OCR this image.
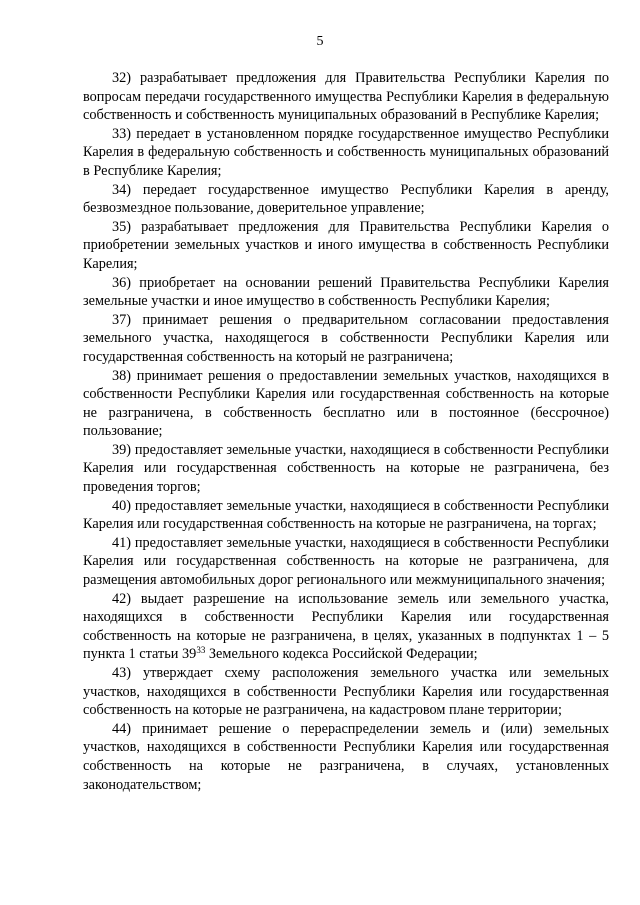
5

32) разрабатывает предложения для Правительства Республики Карелия по вопросам передачи государственного имущества Республики Карелия в федеральную собственность и собственность муниципальных образований в Республике Карелия;

33) передает в установленном порядке государственное имущество Республики Карелия в федеральную собственность и собственность муниципальных образований в Республике Карелия;

34) передает государственное имущество Республики Карелия в аренду, безвозмездное пользование, доверительное управление;

35) разрабатывает предложения для Правительства Республики Карелия о приобретении земельных участков и иного имущества в собственность Республики Карелия;

36) приобретает на основании решений Правительства Республики Карелия земельные участки и иное имущество в собственность Республики Карелия;

37) принимает решения о предварительном согласовании предоставления земельного участка, находящегося в собственности Республики Карелия или государственная собственность на который не разграничена;

38) принимает решения о предоставлении земельных участков, находящихся в собственности Республики Карелия или государственная собственность на которые не разграничена, в собственность бесплатно или в постоянное (бессрочное) пользование;

39) предоставляет земельные участки, находящиеся в собственности Республики Карелия или государственная собственность на которые не разграничена, без проведения торгов;

40) предоставляет земельные участки, находящиеся в собственности Республики Карелия или государственная собственность на которые не разграничена, на торгах;

41) предоставляет земельные участки, находящиеся в собственности Республики Карелия или государственная собственность на которые не разграничена, для размещения автомобильных дорог регионального или межмуниципального значения;

42) выдает разрешение на использование земель или земельного участка, находящихся в собственности Республики Карелия или государственная собственность на которые не разграничена, в целях, указанных в подпунктах 1 – 5 пункта 1 статьи $39^{33}$ Земельного кодекса Российской Федерации;

43) утверждает схему расположения земельного участка или земельных участков, находящихся в собственности Республики Карелия или государственная собственность на которые не разграничена, на кадастровом плане территории;

44) принимает решение о перераспределении земель и (или) земельных участков, находящихся в собственности Республики Карелия или государственная собственность на которые не разграничена, в случаях, установленных законодательством;
